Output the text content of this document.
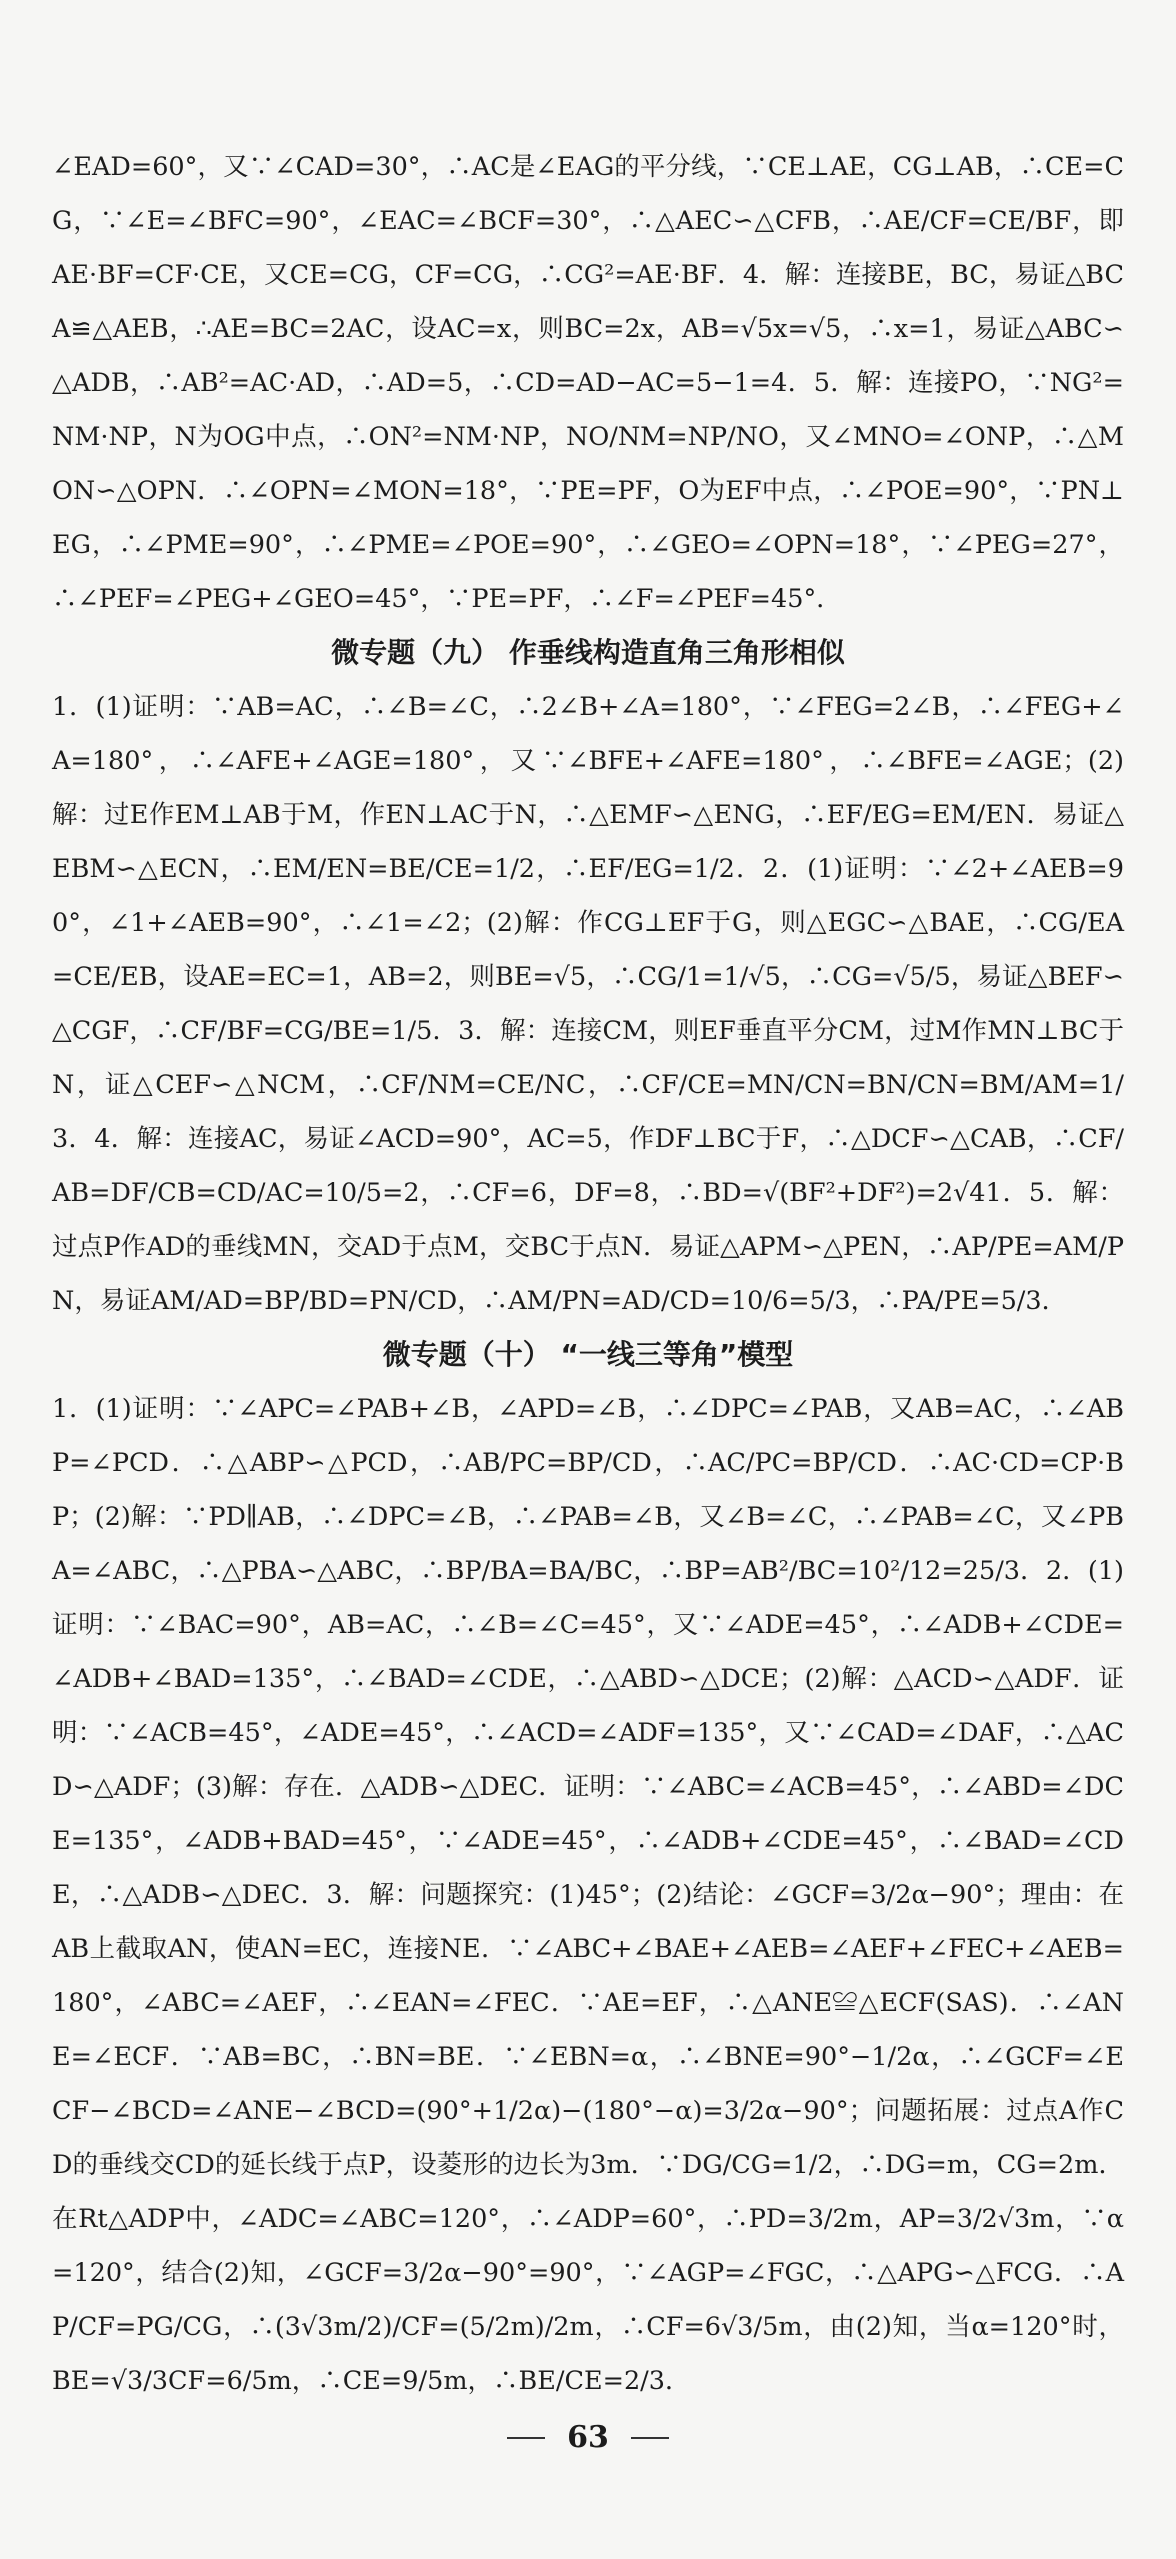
∠EAD=60°，又∵∠CAD=30°，∴AC是∠EAG的平分线，∵CE⊥AE，CG⊥AB，∴CE=CG，∵∠E=∠BFC=90°，∠EAC=∠BCF=30°，∴△AEC∽△CFB，∴AE/CF=CE/BF，即AE·BF=CF·CE，又CE=CG，CF=CG，∴CG²=AE·BF．4．解：连接BE，BC，易证△BCA≌△AEB，∴AE=BC=2AC，设AC=x，则BC=2x，AB=√5x=√5，∴x=1，易证△ABC∽△ADB，∴AB²=AC·AD，∴AD=5，∴CD=AD−AC=5−1=4．5．解：连接PO，∵NG²=NM·NP，N为OG中点，∴ON²=NM·NP，NO/NM=NP/NO，又∠MNO=∠ONP，∴△MON∽△OPN．∴∠OPN=∠MON=18°，∵PE=PF，O为EF中点，∴∠POE=90°，∵PN⊥EG，∴∠PME=90°，∴∠PME=∠POE=90°，∴∠GEO=∠OPN=18°，∵∠PEG=27°，∴∠PEF=∠PEG+∠GEO=45°，∵PE=PF，∴∠F=∠PEF=45°．

微专题（九） 作垂线构造直角三角形相似

1．(1)证明：∵AB=AC，∴∠B=∠C，∴2∠B+∠A=180°，∵∠FEG=2∠B，∴∠FEG+∠A=180°，∴∠AFE+∠AGE=180°，又∵∠BFE+∠AFE=180°，∴∠BFE=∠AGE；(2)解：过E作EM⊥AB于M，作EN⊥AC于N，∴△EMF∽△ENG，∴EF/EG=EM/EN．易证△EBM∽△ECN，∴EM/EN=BE/CE=1/2，∴EF/EG=1/2．2．(1)证明：∵∠2+∠AEB=90°，∠1+∠AEB=90°，∴∠1=∠2；(2)解：作CG⊥EF于G，则△EGC∽△BAE，∴CG/EA=CE/EB，设AE=EC=1，AB=2，则BE=√5，∴CG/1=1/√5，∴CG=√5/5，易证△BEF∽△CGF，∴CF/BF=CG/BE=1/5．3．解：连接CM，则EF垂直平分CM，过M作MN⊥BC于N，证△CEF∽△NCM，∴CF/NM=CE/NC，∴CF/CE=MN/CN=BN/CN=BM/AM=1/3．4．解：连接AC，易证∠ACD=90°，AC=5，作DF⊥BC于F，∴△DCF∽△CAB，∴CF/AB=DF/CB=CD/AC=10/5=2，∴CF=6，DF=8，∴BD=√(BF²+DF²)=2√41．5．解：过点P作AD的垂线MN，交AD于点M，交BC于点N．易证△APM∽△PEN，∴AP/PE=AM/PN，易证AM/AD=BP/BD=PN/CD，∴AM/PN=AD/CD=10/6=5/3，∴PA/PE=5/3．

微专题（十） “一线三等角”模型

1．(1)证明：∵∠APC=∠PAB+∠B，∠APD=∠B，∴∠DPC=∠PAB，又AB=AC，∴∠ABP=∠PCD．∴△ABP∽△PCD，∴AB/PC=BP/CD，∴AC/PC=BP/CD．∴AC·CD=CP·BP；(2)解：∵PD∥AB，∴∠DPC=∠B，∴∠PAB=∠B，又∠B=∠C，∴∠PAB=∠C，又∠PBA=∠ABC，∴△PBA∽△ABC，∴BP/BA=BA/BC，∴BP=AB²/BC=10²/12=25/3．2．(1)证明：∵∠BAC=90°，AB=AC，∴∠B=∠C=45°，又∵∠ADE=45°，∴∠ADB+∠CDE=∠ADB+∠BAD=135°，∴∠BAD=∠CDE，∴△ABD∽△DCE；(2)解：△ACD∽△ADF．证明：∵∠ACB=45°，∠ADE=45°，∴∠ACD=∠ADF=135°，又∵∠CAD=∠DAF，∴△ACD∽△ADF；(3)解：存在．△ADB∽△DEC．证明：∵∠ABC=∠ACB=45°，∴∠ABD=∠DCE=135°，∠ADB+BAD=45°，∵∠ADE=45°，∴∠ADB+∠CDE=45°，∴∠BAD=∠CDE，∴△ADB∽△DEC．3．解：问题探究：(1)45°；(2)结论：∠GCF=3/2α−90°；理由：在AB上截取AN，使AN=EC，连接NE．∵∠ABC+∠BAE+∠AEB=∠AEF+∠FEC+∠AEB=180°，∠ABC=∠AEF，∴∠EAN=∠FEC．∵AE=EF，∴△ANE≌△ECF(SAS)．∴∠ANE=∠ECF．∵AB=BC，∴BN=BE．∵∠EBN=α，∴∠BNE=90°−1/2α，∴∠GCF=∠ECF−∠BCD=∠ANE−∠BCD=(90°+1/2α)−(180°−α)=3/2α−90°；问题拓展：过点A作CD的垂线交CD的延长线于点P，设菱形的边长为3m．∵DG/CG=1/2，∴DG=m，CG=2m．在Rt△ADP中，∠ADC=∠ABC=120°，∴∠ADP=60°，∴PD=3/2m，AP=3/2√3m，∵α=120°，结合(2)知，∠GCF=3/2α−90°=90°，∵∠AGP=∠FGC，∴△APG∽△FCG．∴AP/CF=PG/CG，∴(3√3m/2)/CF=(5/2m)/2m，∴CF=6√3/5m，由(2)知，当α=120°时，BE=√3/3CF=6/5m，∴CE=9/5m，∴BE/CE=2/3．

63
